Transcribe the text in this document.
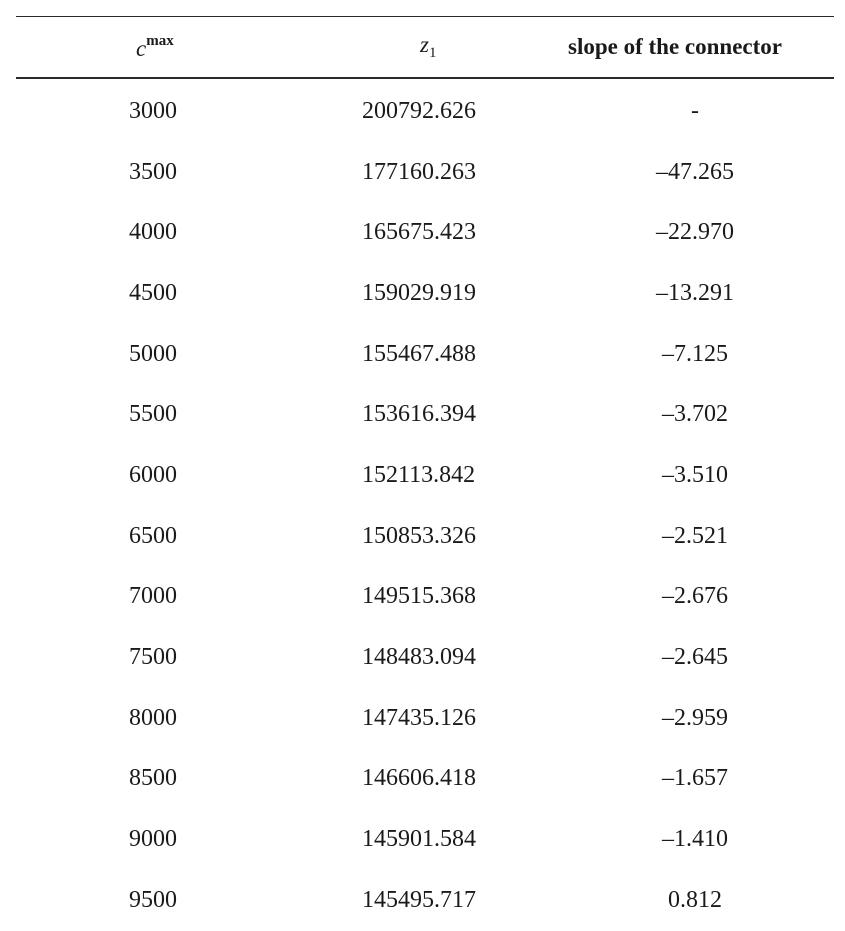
cmax	z1	slope of the connector
3000	200792.626	-
3500	177160.263	–47.265
4000	165675.423	–22.970
4500	159029.919	–13.291
5000	155467.488	–7.125
5500	153616.394	–3.702
6000	152113.842	–3.510
6500	150853.326	–2.521
7000	149515.368	–2.676
7500	148483.094	–2.645
8000	147435.126	–2.959
8500	146606.418	–1.657
9000	145901.584	–1.410
9500	145495.717	0.812
